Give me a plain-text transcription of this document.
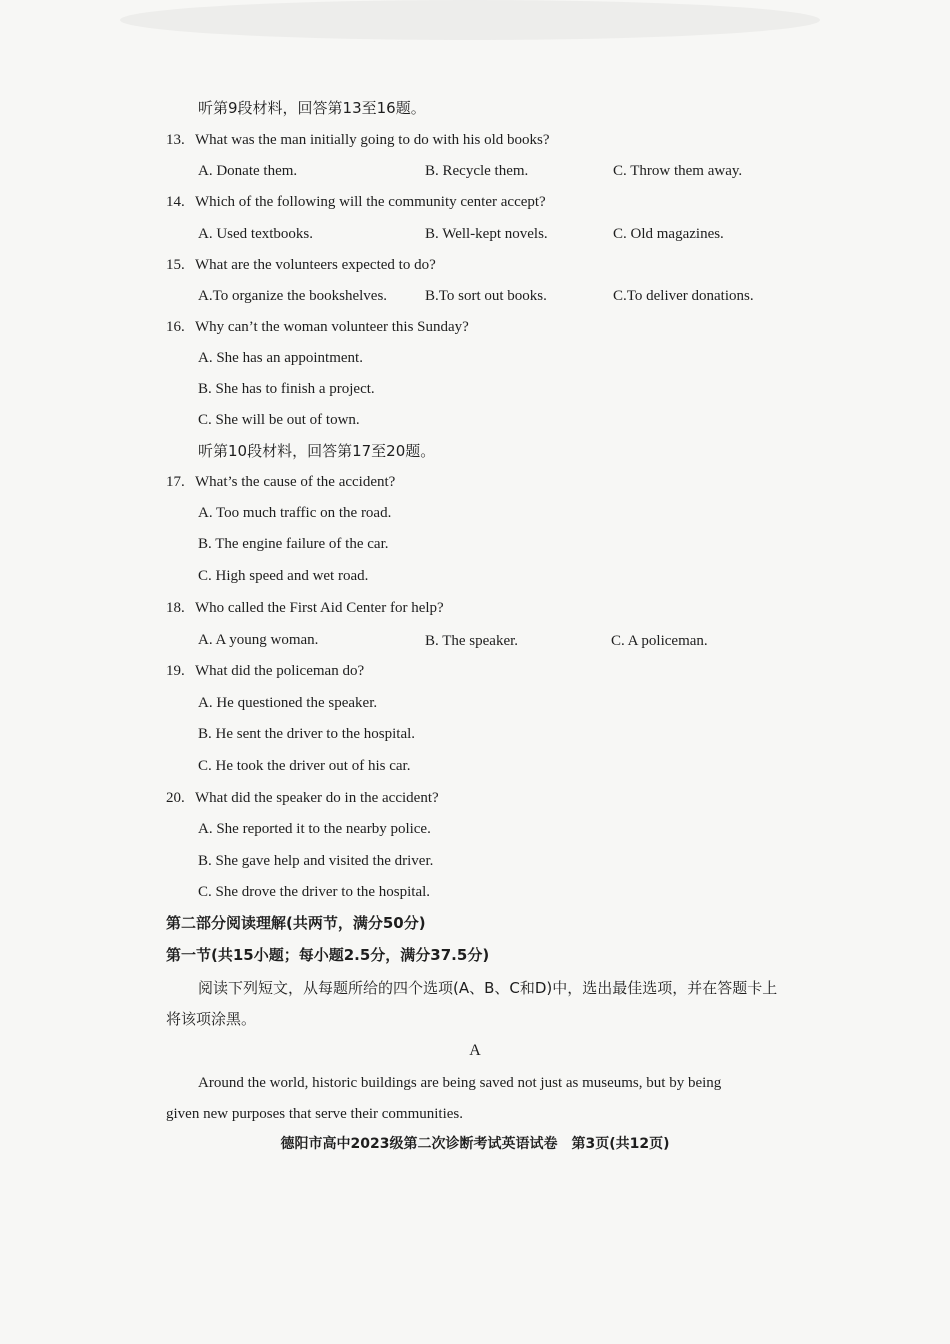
听第9段材料，回答第13至16题。
13. What was the man initially going to do with his old books?
A. Donate them.	B. Recycle them.	C. Throw them away.
14. Which of the following will the community center accept?
A. Used textbooks.	B. Well-kept novels.	C. Old magazines.
15. What are the volunteers expected to do?
A.To organize the bookshelves.	B.To sort out books.	C.To deliver donations.
16. Why can’t the woman volunteer this Sunday?
A. She has an appointment.
B. She has to finish a project.
C. She will be out of town.
听第10段材料，回答第17至20题。
17. What’s the cause of the accident?
A. Too much traffic on the road.
B. The engine failure of the car.
C. High speed and wet road.
18. Who called the First Aid Center for help?
A. A young woman.	B. The speaker.	C. A policeman.
19. What did the policeman do?
A. He questioned the speaker.
B. He sent the driver to the hospital.
C. He took the driver out of his car.
20. What did the speaker do in the accident?
A. She reported it to the nearby police.
B. She gave help and visited the driver.
C. She drove the driver to the hospital.
第二部分阅读理解(共两节，满分50分)
第一节(共15小题；每小题2.5分，满分37.5分)
阅读下列短文，从每题所给的四个选项(A、B、C和D)中，选出最佳选项，并在答题卡上
将该项涂黑。
A
Around the world, historic buildings are being saved not just as museums, but by being
given new purposes that serve their communities.
德阳市高中2023级第二次诊断考试英语试卷　第3页(共12页)
